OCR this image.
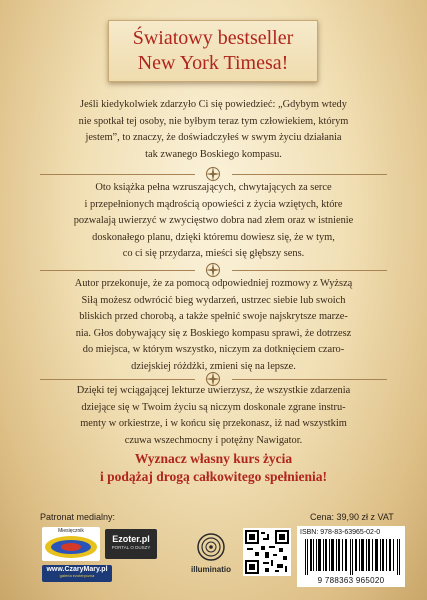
Światowy bestseller
New York Timesa!
Jeśli kiedykolwiek zdarzyło Ci się powiedzieć: „Gdybym wtedy
nie spotkał tej osoby, nie byłbym teraz tym człowiekiem, którym
jestem”, to znaczy, że doświadczyłeś w swym życiu działania
tak zwanego Boskiego kompasu.
Oto książka pełna wzruszających, chwytających za serce
i przepełnionych mądrością opowieści z życia wziętych, które
pozwalają uwierzyć w zwycięstwo dobra nad złem oraz w istnienie
doskonałego planu, dzięki któremu dowiesz się, że w tym,
co ci się przydarza, mieści się głębszy sens.
Autor przekonuje, że za pomocą odpowiedniej rozmowy z Wyższą
Siłą możesz odwrócić bieg wydarzeń, ustrzec siebie lub swoich
bliskich przed chorobą, a także spełnić swoje najskrytsze marze-
nia. Głos dobywający się z Boskiego kompasu sprawi, że dotrzesz
do miejsca, w którym wszystko, niczym za dotknięciem czaro-
dziejskiej różdżki, zmieni się na lepsze.
Dzięki tej wciągającej lekturze uwierzysz, że wszystkie zdarzenia
dziejące się w Twoim życiu są niczym doskonale zgrane instru-
menty w orkiestrze, i w końcu się przekonasz, iż nad wszystkim
czuwa wszechmocny i potężny Nawigator.
Wyznacz własny kurs życia
i podążaj drogą całkowitego spełnienia!
Patronat medialny:	Cena: 39,90 zł z VAT
Miesięcznik
Ezoter.pl
PORTAL O DUSZY
www.CzaryMary.pl
galeria ezoteryczna
illuminatio
ISBN: 978-83-63965-02-0
9 788363 965020
